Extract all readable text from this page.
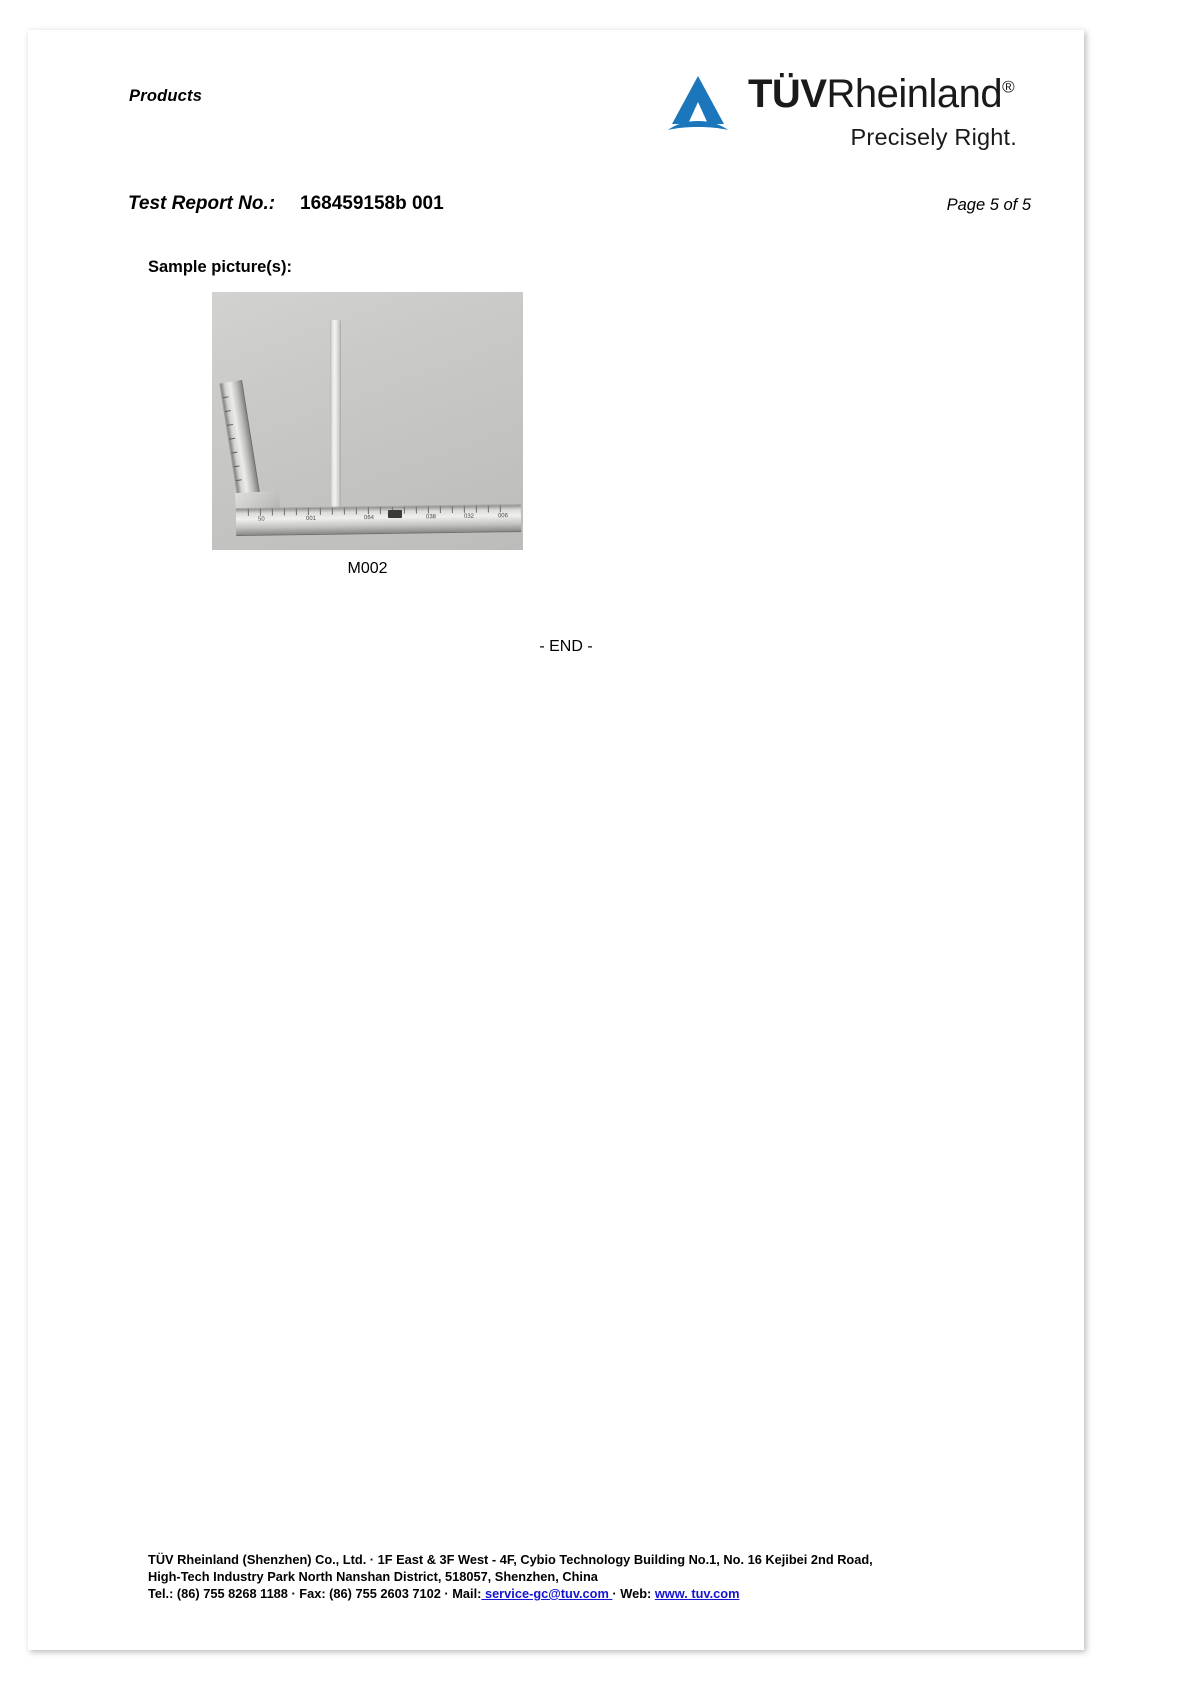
Products	TÜVRheinland®
Precisely Right.
Test Report No.: 168459158b 001	Page 5 of 5
Sample picture(s):
50	001	064	038	032	006
M002
- END -
TÜV Rheinland (Shenzhen) Co., Ltd. · 1F East & 3F West - 4F, Cybio Technology Building No.1, No. 16 Kejibei 2nd Road,
High-Tech Industry Park North Nanshan District, 518057, Shenzhen, China
Tel.: (86) 755 8268 1188 · Fax: (86) 755 2603 7102 · Mail: service-gc@tuv.com · Web: www. tuv.com
